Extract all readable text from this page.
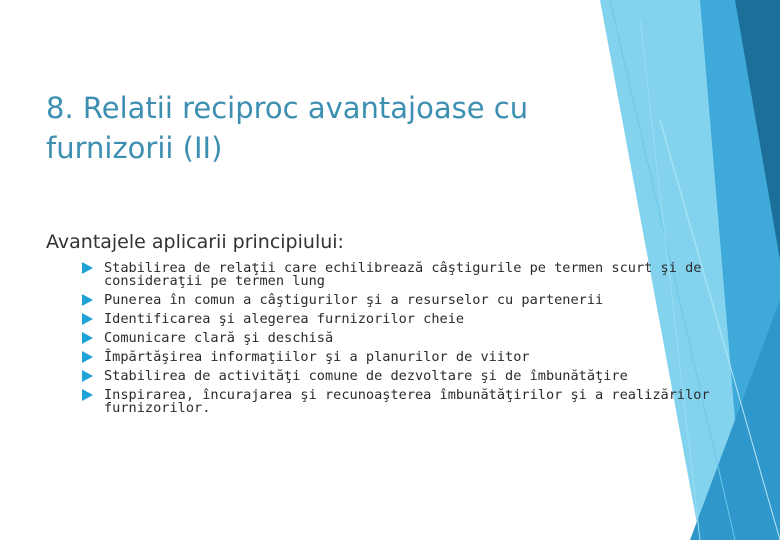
8. Relatii reciproc avantajoase cu furnizorii (II)
Avantajele aplicarii principiului:
Stabilirea de relaţii care echilibrează câştigurile pe termen scurt şi de consideraţii pe termen lung
Punerea în comun a câştigurilor şi a resurselor cu partenerii
Identificarea şi alegerea furnizorilor cheie
Comunicare clară şi deschisă
Împărtăşirea informaţiilor şi a planurilor de viitor
Stabilirea de activităţi comune de dezvoltare şi de îmbunătăţire
Inspirarea, încurajarea şi recunoaşterea îmbunătăţirilor şi a realizărilor furnizorilor.
